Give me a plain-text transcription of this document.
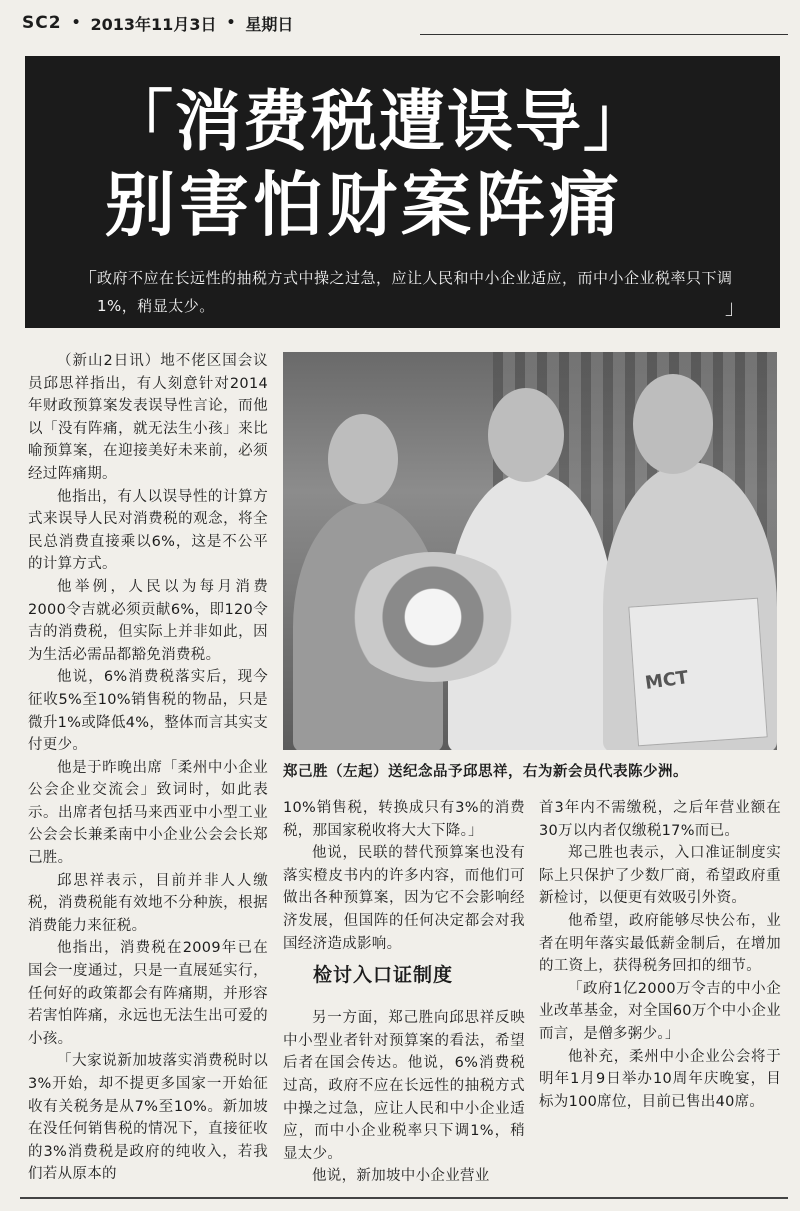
SC2 • 2013年11月3日 • 星期日
「消费税遭误导」
别害怕财案阵痛
「 政府不应在长远性的抽税方式中操之过急，应让人民和中小企业适应，而中小企业税率只下调1%，稍显太少。	」

（新山2日讯）地不佬区国会议员邱思祥指出，有人刻意针对2014年财政预算案发表误导性言论，而他以「没有阵痛，就无法生小孩」来比喻预算案，在迎接美好未来前，必须经过阵痛期。

他指出，有人以误导性的计算方式来误导人民对消费税的观念，将全民总消费直接乘以6%，这是不公平的计算方式。

他举例，人民以为每月消费2000令吉就必须贡献6%，即120令吉的消费税，但实际上并非如此，因为生活必需品都豁免消费税。

他说，6%消费税落实后，现今征收5%至10%销售税的物品，只是微升1%或降低4%，整体而言其实支付更少。

他是于昨晚出席「柔州中小企业公会企业交流会」致词时，如此表示。出席者包括马来西亚中小型工业公会会长兼柔南中小企业公会会长郑己胜。

邱思祥表示，目前并非人人缴税，消费税能有效地不分种族，根据消费能力来征税。

他指出，消费税在2009年已在国会一度通过，只是一直展延实行，任何好的政策都会有阵痛期，并形容若害怕阵痛，永远也无法生出可爱的小孩。

「大家说新加坡落实消费税时以3%开始，却不提更多国家一开始征收有关税务是从7%至10%。新加坡在没任何销售税的情况下，直接征收的3%消费税是政府的纯收入，若我们若从原本的

MCT
郑己胜（左起）送纪念品予邱思祥，右为新会员代表陈少洲。

10%销售税，转换成只有3%的消费税，那国家税收将大大下降。」

他说，民联的替代预算案也没有落实橙皮书内的许多内容，而他们可做出各种预算案，因为它不会影响经济发展，但国阵的任何决定都会对我国经济造成影响。

另一方面，郑己胜向邱思祥反映中小型业者针对预算案的看法，希望后者在国会传达。他说，6%消费税过高，政府不应在长远性的抽税方式中操之过急，应让人民和中小企业适应，而中小企业税率只下调1%，稍显太少。

他说，新加坡中小企业营业

检讨入口证制度

首3年内不需缴税，之后年营业额在30万以内者仅缴税17%而已。

郑己胜也表示，入口准证制度实际上只保护了少数厂商，希望政府重新检讨，以便更有效吸引外资。

他希望，政府能够尽快公布，业者在明年落实最低薪金制后，在增加的工资上，获得税务回扣的细节。

「政府1亿2000万令吉的中小企业改革基金，对全国60万个中小企业而言，是僧多粥少。」

他补充，柔州中小企业公会将于明年1月9日举办10周年庆晚宴，目标为100席位，目前已售出40席。
